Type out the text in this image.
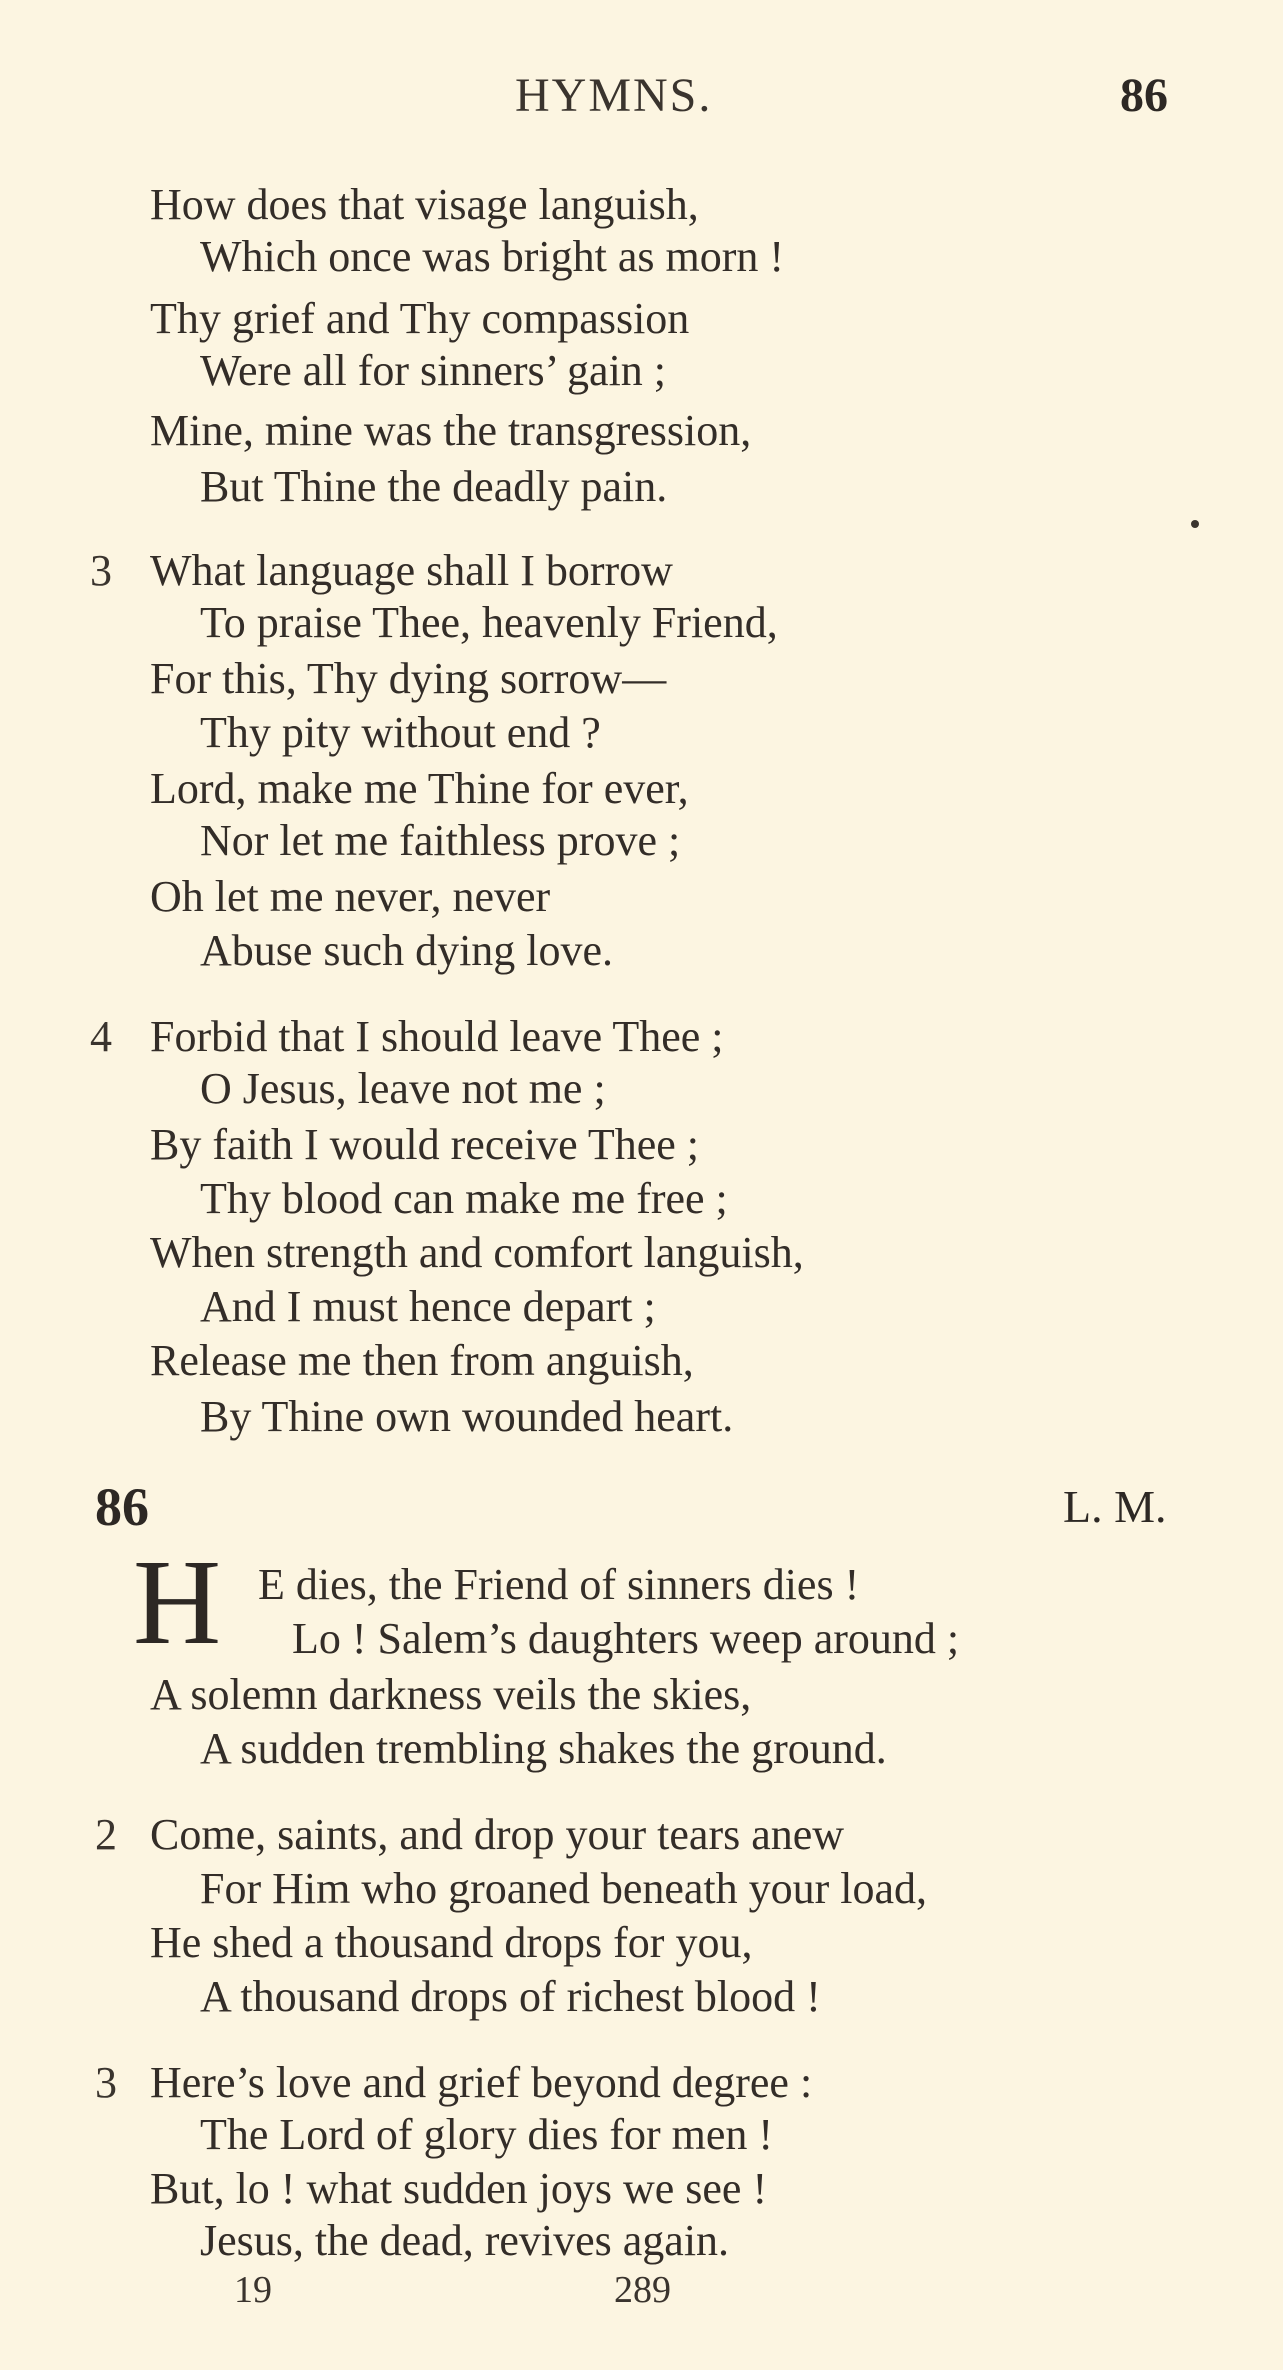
HYMNS.	86
How does that visage languish,
Which once was bright as morn !
Thy grief and Thy compassion
Were all for sinners’ gain ;
Mine, mine was the transgression,
But Thine the deadly pain.
3 What language shall I borrow
To praise Thee, heavenly Friend,
For this, Thy dying sorrow—
Thy pity without end ?
Lord, make me Thine for ever,
Nor let me faithless prove ;
Oh let me never, never
Abuse such dying love.
4 Forbid that I should leave Thee ;
O Jesus, leave not me ;
By faith I would receive Thee ;
Thy blood can make me free ;
When strength and comfort languish,
And I must hence depart ;
Release me then from anguish,
By Thine own wounded heart.
86	L. M.
H E dies, the Friend of sinners dies !
Lo ! Salem’s daughters weep around ;
A solemn darkness veils the skies,
A sudden trembling shakes the ground.
2 Come, saints, and drop your tears anew
For Him who groaned beneath your load,
He shed a thousand drops for you,
A thousand drops of richest blood !
3 Here’s love and grief beyond degree :
The Lord of glory dies for men !
But, lo ! what sudden joys we see !
Jesus, the dead, revives again.
19	289
